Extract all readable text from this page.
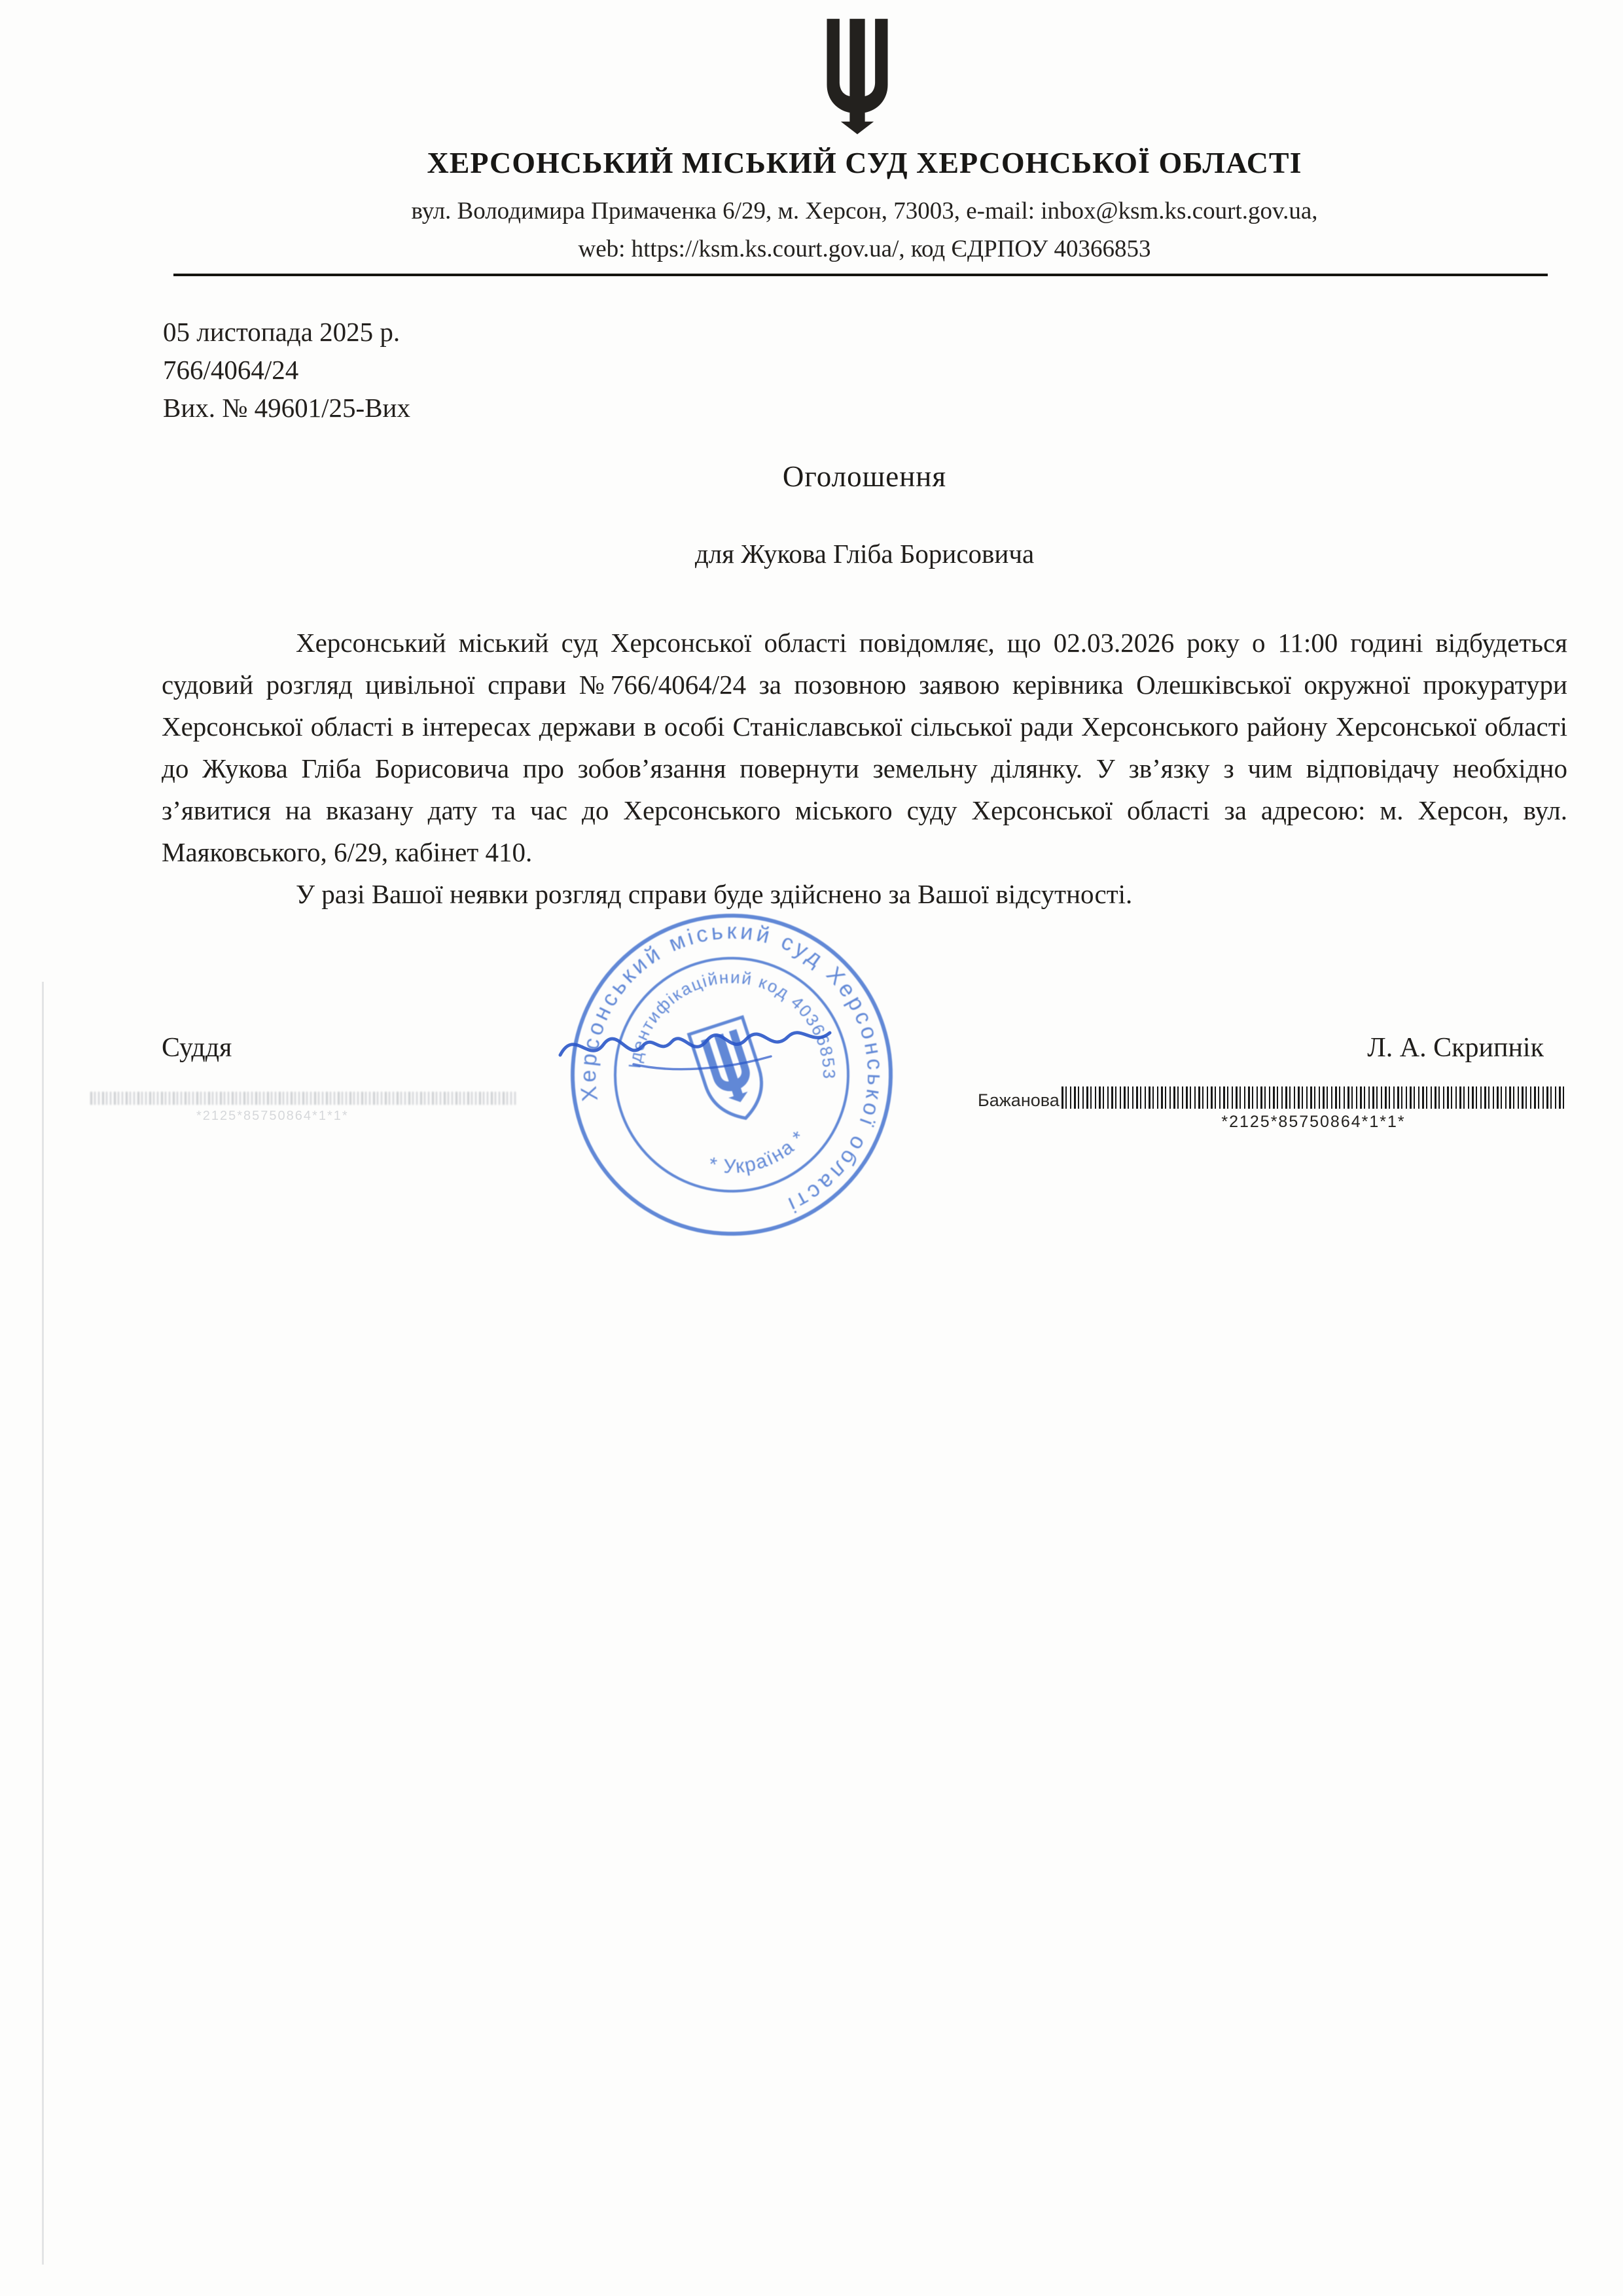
ХЕРСОНСЬКИЙ МІСЬКИЙ СУД ХЕРСОНСЬКОЇ ОБЛАСТІ
вул. Володимира Примаченка 6/29, м. Херсон, 73003, e-mail: inbox@ksm.ks.court.gov.ua,
web: https://ksm.ks.court.gov.ua/, код ЄДРПОУ 40366853
05 листопада 2025 р.
766/4064/24
Вих. № 49601/25-Вих
Оголошення
для Жукова Гліба Борисовича

Херсонський міський суд Херсонської області повідомляє, що 02.03.2026 року о 11:00 годині відбудеться судовий розгляд цивільної справи №766/4064/24 за позовною заявою керівника Олешківської окружної прокуратури Херсонської області в інтересах держави в особі Станіславської сільської ради Херсонського району Херсонської області до Жукова Гліба Борисовича про зобов’язання повернути земельну ділянку. У зв’язку з чим відповідачу необхідно з’явитися на вказану дату та час до Херсонського міського суду Херсонської області за адресою: м. Херсон, вул. Маяковського, 6/29, кабінет 410.

У разі Вашої неявки розгляд справи буде здійснено за Вашої відсутності.

Суддя	Л. А. Скрипнік
Херсонський міський суд Херсонської області
Ідентифікаційний код 40366853
* Україна *
Бажанова
*2125*85750864*1*1*
*2125*85750864*1*1*
